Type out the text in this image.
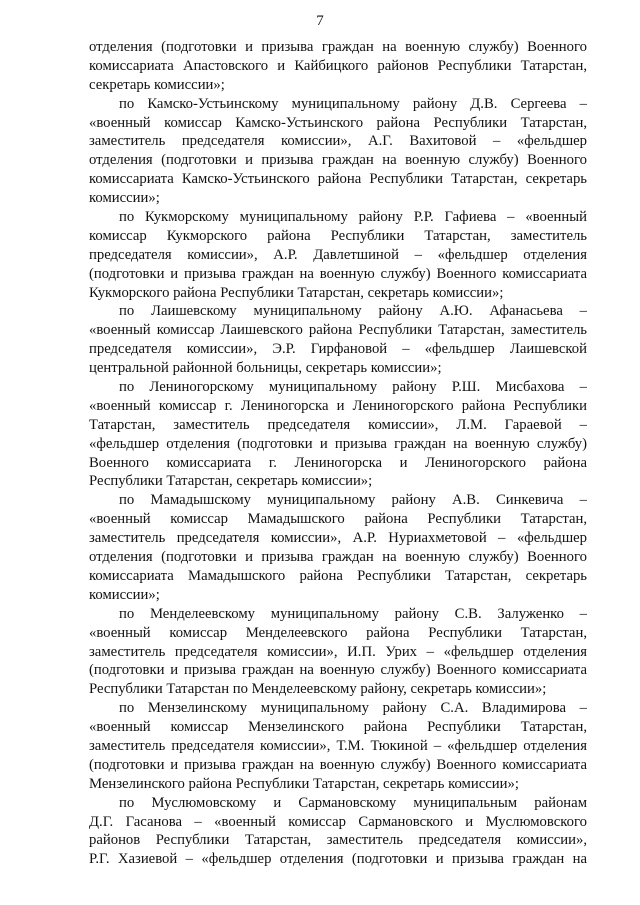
7
отделения (подготовки и призыва граждан на военную службу) Военного
комиссариата Апастовского и Кайбицкого районов Республики Татарстан,
секретарь комиссии»;
по Камско-Устьинскому муниципальному району Д.В. Сергеева –
«военный комиссар Камско-Устьинского района Республики Татарстан,
заместитель председателя комиссии», А.Г. Вахитовой – «фельдшер
отделения (подготовки и призыва граждан на военную службу) Военного
комиссариата Камско-Устьинского района Республики Татарстан, секретарь
комиссии»;
по Кукморскому муниципальному району Р.Р. Гафиева – «военный
комиссар Кукморского района Республики Татарстан, заместитель
председателя комиссии», А.Р. Давлетшиной – «фельдшер отделения
(подготовки и призыва граждан на военную службу) Военного комиссариата
Кукморского района Республики Татарстан, секретарь комиссии»;
по Лаишевскому муниципальному району А.Ю. Афанасьева –
«военный комиссар Лаишевского района Республики Татарстан, заместитель
председателя комиссии», Э.Р. Гирфановой – «фельдшер Лаишевской
центральной районной больницы, секретарь комиссии»;
по Лениногорскому муниципальному району Р.Ш. Мисбахова –
«военный комиссар г. Лениногорска и Лениногорского района Республики
Татарстан, заместитель председателя комиссии», Л.М. Гараевой –
«фельдшер отделения (подготовки и призыва граждан на военную службу)
Военного комиссариата г. Лениногорска и Лениногорского района
Республики Татарстан, секретарь комиссии»;
по Мамадышскому муниципальному району А.В. Синкевича –
«военный комиссар Мамадышского района Республики Татарстан,
заместитель председателя комиссии», А.Р. Нуриахметовой – «фельдшер
отделения (подготовки и призыва граждан на военную службу) Военного
комиссариата Мамадышского района Республики Татарстан, секретарь
комиссии»;
по Менделеевскому муниципальному району С.В. Залуженко –
«военный комиссар Менделеевского района Республики Татарстан,
заместитель председателя комиссии», И.П. Урих – «фельдшер отделения
(подготовки и призыва граждан на военную службу) Военного комиссариата
Республики Татарстан по Менделеевскому району, секретарь комиссии»;
по Мензелинскому муниципальному району С.А. Владимирова –
«военный комиссар Мензелинского района Республики Татарстан,
заместитель председателя комиссии», Т.М. Тюкиной – «фельдшер отделения
(подготовки и призыва граждан на военную службу) Военного комиссариата
Мензелинского района Республики Татарстан, секретарь комиссии»;
по Муслюмовскому и Сармановскому муниципальным районам
Д.Г. Гасанова – «военный комиссар Сармановского и Муслюмовского
районов Республики Татарстан, заместитель председателя комиссии»,
Р.Г. Хазиевой – «фельдшер отделения (подготовки и призыва граждан на
